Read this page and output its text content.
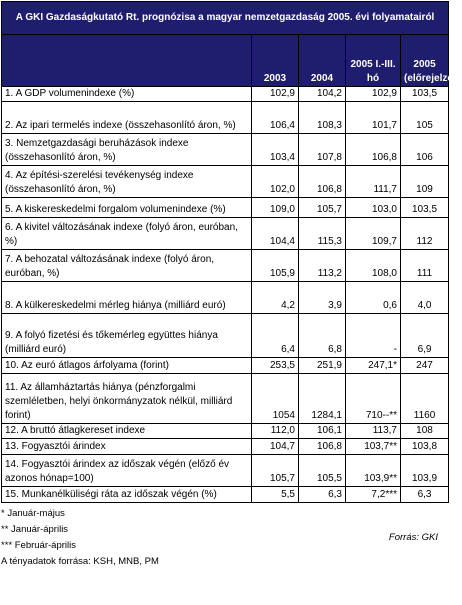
A GKI Gazdaságkutató Rt. prognózisa a magyar nemzetgazdaság 2005. évi folyamatairól				
	2003	2004	2005 I.-III. hó	2005 (előrejelzés)
1. A GDP volumenindexe (%)	102,9	104,2	102,9	103,5
2. Az ipari termelés indexe (összehasonlító áron, %)	106,4	108,3	101,7	105
3. Nemzetgazdasági beruházások indexe (összehasonlító áron, %)	103,4	107,8	106,8	106
4. Az építési-szerelési tevékenység indexe (összehasonlító áron, %)	102,0	106,8	111,7	109
5. A kiskereskedelmi forgalom volumenindexe (%)	109,0	105,7	103,0	103,5
6. A kivitel változásának indexe (folyó áron, euróban, %)	104,4	115,3	109,7	112
7. A behozatal változásának indexe (folyó áron, euróban, %)	105,9	113,2	108,0	111
8. A külkereskedelmi mérleg hiánya (milliárd euró)	4,2	3,9	0,6	4,0
9. A folyó fizetési és tőkemérleg együttes hiánya (milliárd euró)	6,4	6,8	-	6,9
10. Az euró átlagos árfolyama (forint)	253,5	251,9	247,1*	247
11. Az államháztartás hiánya (pénzforgalmi szemléletben, helyi önkormányzatok nélkül, milliárd forint)	1054	1284,1	710--**	1160
12. A bruttó átlagkereset indexe	112,0	106,1	113,7	108
13. Fogyasztói árindex	104,7	106,8	103,7**	103,8
14. Fogyasztói árindex az időszak végén (előző év azonos hónap=100)	105,7	105,5	103,9**	103,9
15. Munkanélküliségi ráta az időszak végén (%)	5,5	6,3	7,2***	6,3
* Január-május
** Január-április
*** Február-április
A tényadatok forrása: KSH, MNB, PM
Forrás: GKI
